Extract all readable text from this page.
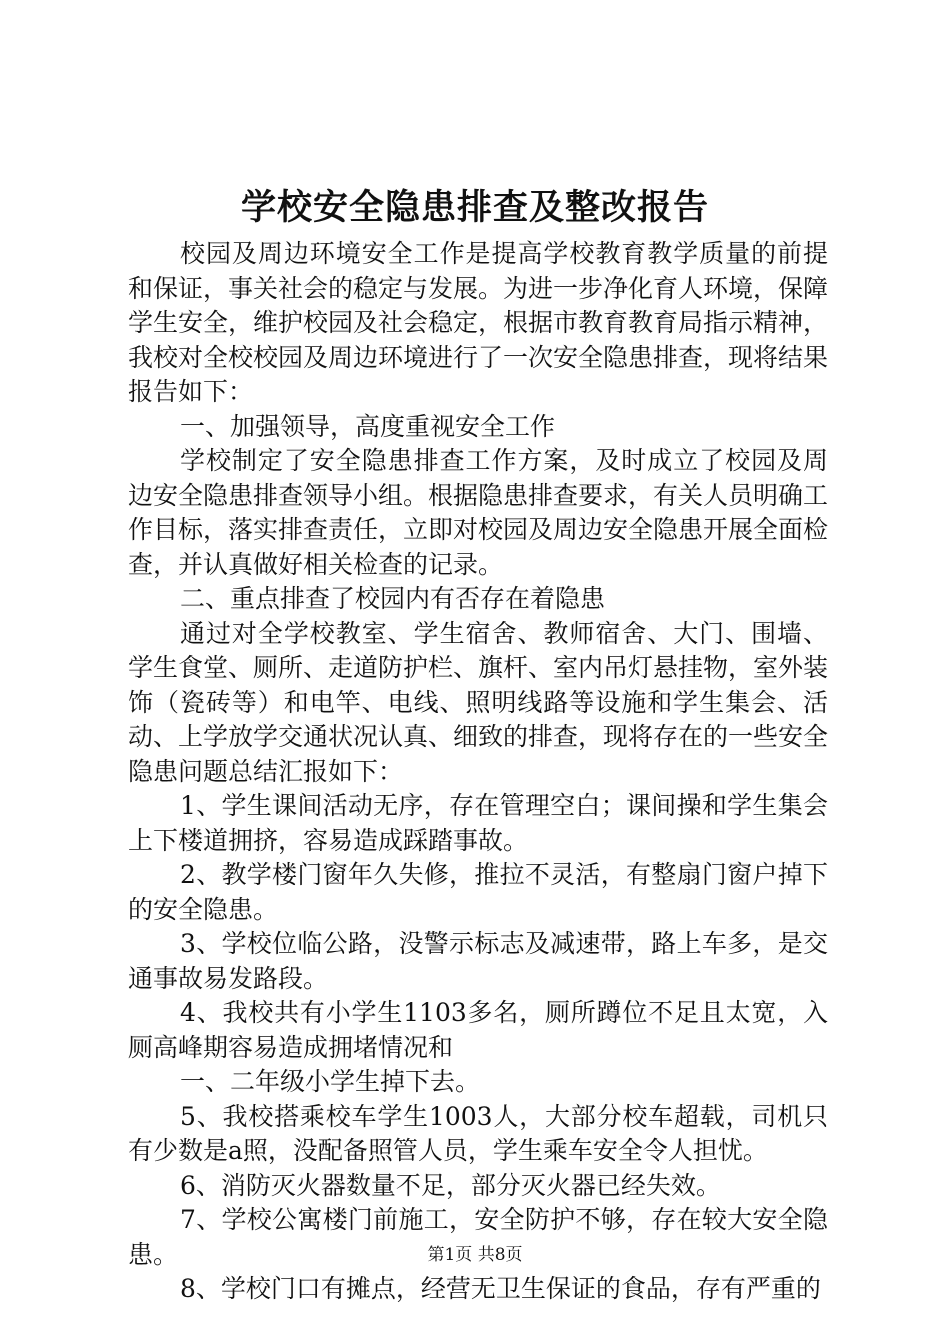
学校安全隐患排查及整改报告

校园及周边环境安全工作是提高学校教育教学质量的前提和保证，事关社会的稳定与发展。为进一步净化育人环境，保障学生安全，维护校园及社会稳定，根据市教育教育局指示精神，我校对全校校园及周边环境进行了一次安全隐患排查，现将结果报告如下：

一、加强领导，高度重视安全工作

学校制定了安全隐患排查工作方案，及时成立了校园及周边安全隐患排查领导小组。根据隐患排查要求，有关人员明确工作目标，落实排查责任，立即对校园及周边安全隐患开展全面检查，并认真做好相关检查的记录。

二、重点排查了校园内有否存在着隐患

通过对全学校教室、学生宿舍、教师宿舍、大门、围墙、学生食堂、厕所、走道防护栏、旗杆、室内吊灯悬挂物，室外装饰（瓷砖等）和电竿、电线、照明线路等设施和学生集会、活动、上学放学交通状况认真、细致的排查，现将存在的一些安全隐患问题总结汇报如下：

1、学生课间活动无序，存在管理空白；课间操和学生集会上下楼道拥挤，容易造成踩踏事故。

2、教学楼门窗年久失修，推拉不灵活，有整扇门窗户掉下的安全隐患。

3、学校位临公路，没警示标志及减速带，路上车多，是交通事故易发路段。

4、我校共有小学生1103多名，厕所蹲位不足且太宽，入厕高峰期容易造成拥堵情况和

一、二年级小学生掉下去。

5、我校搭乘校车学生1003人，大部分校车超载，司机只有少数是a照，没配备照管人员，学生乘车安全令人担忧。

6、消防灭火器数量不足，部分灭火器已经失效。

7、学校公寓楼门前施工，安全防护不够，存在较大安全隐患。

8、学校门口有摊点，经营无卫生保证的食品，存有严重的

第1页 共8页
